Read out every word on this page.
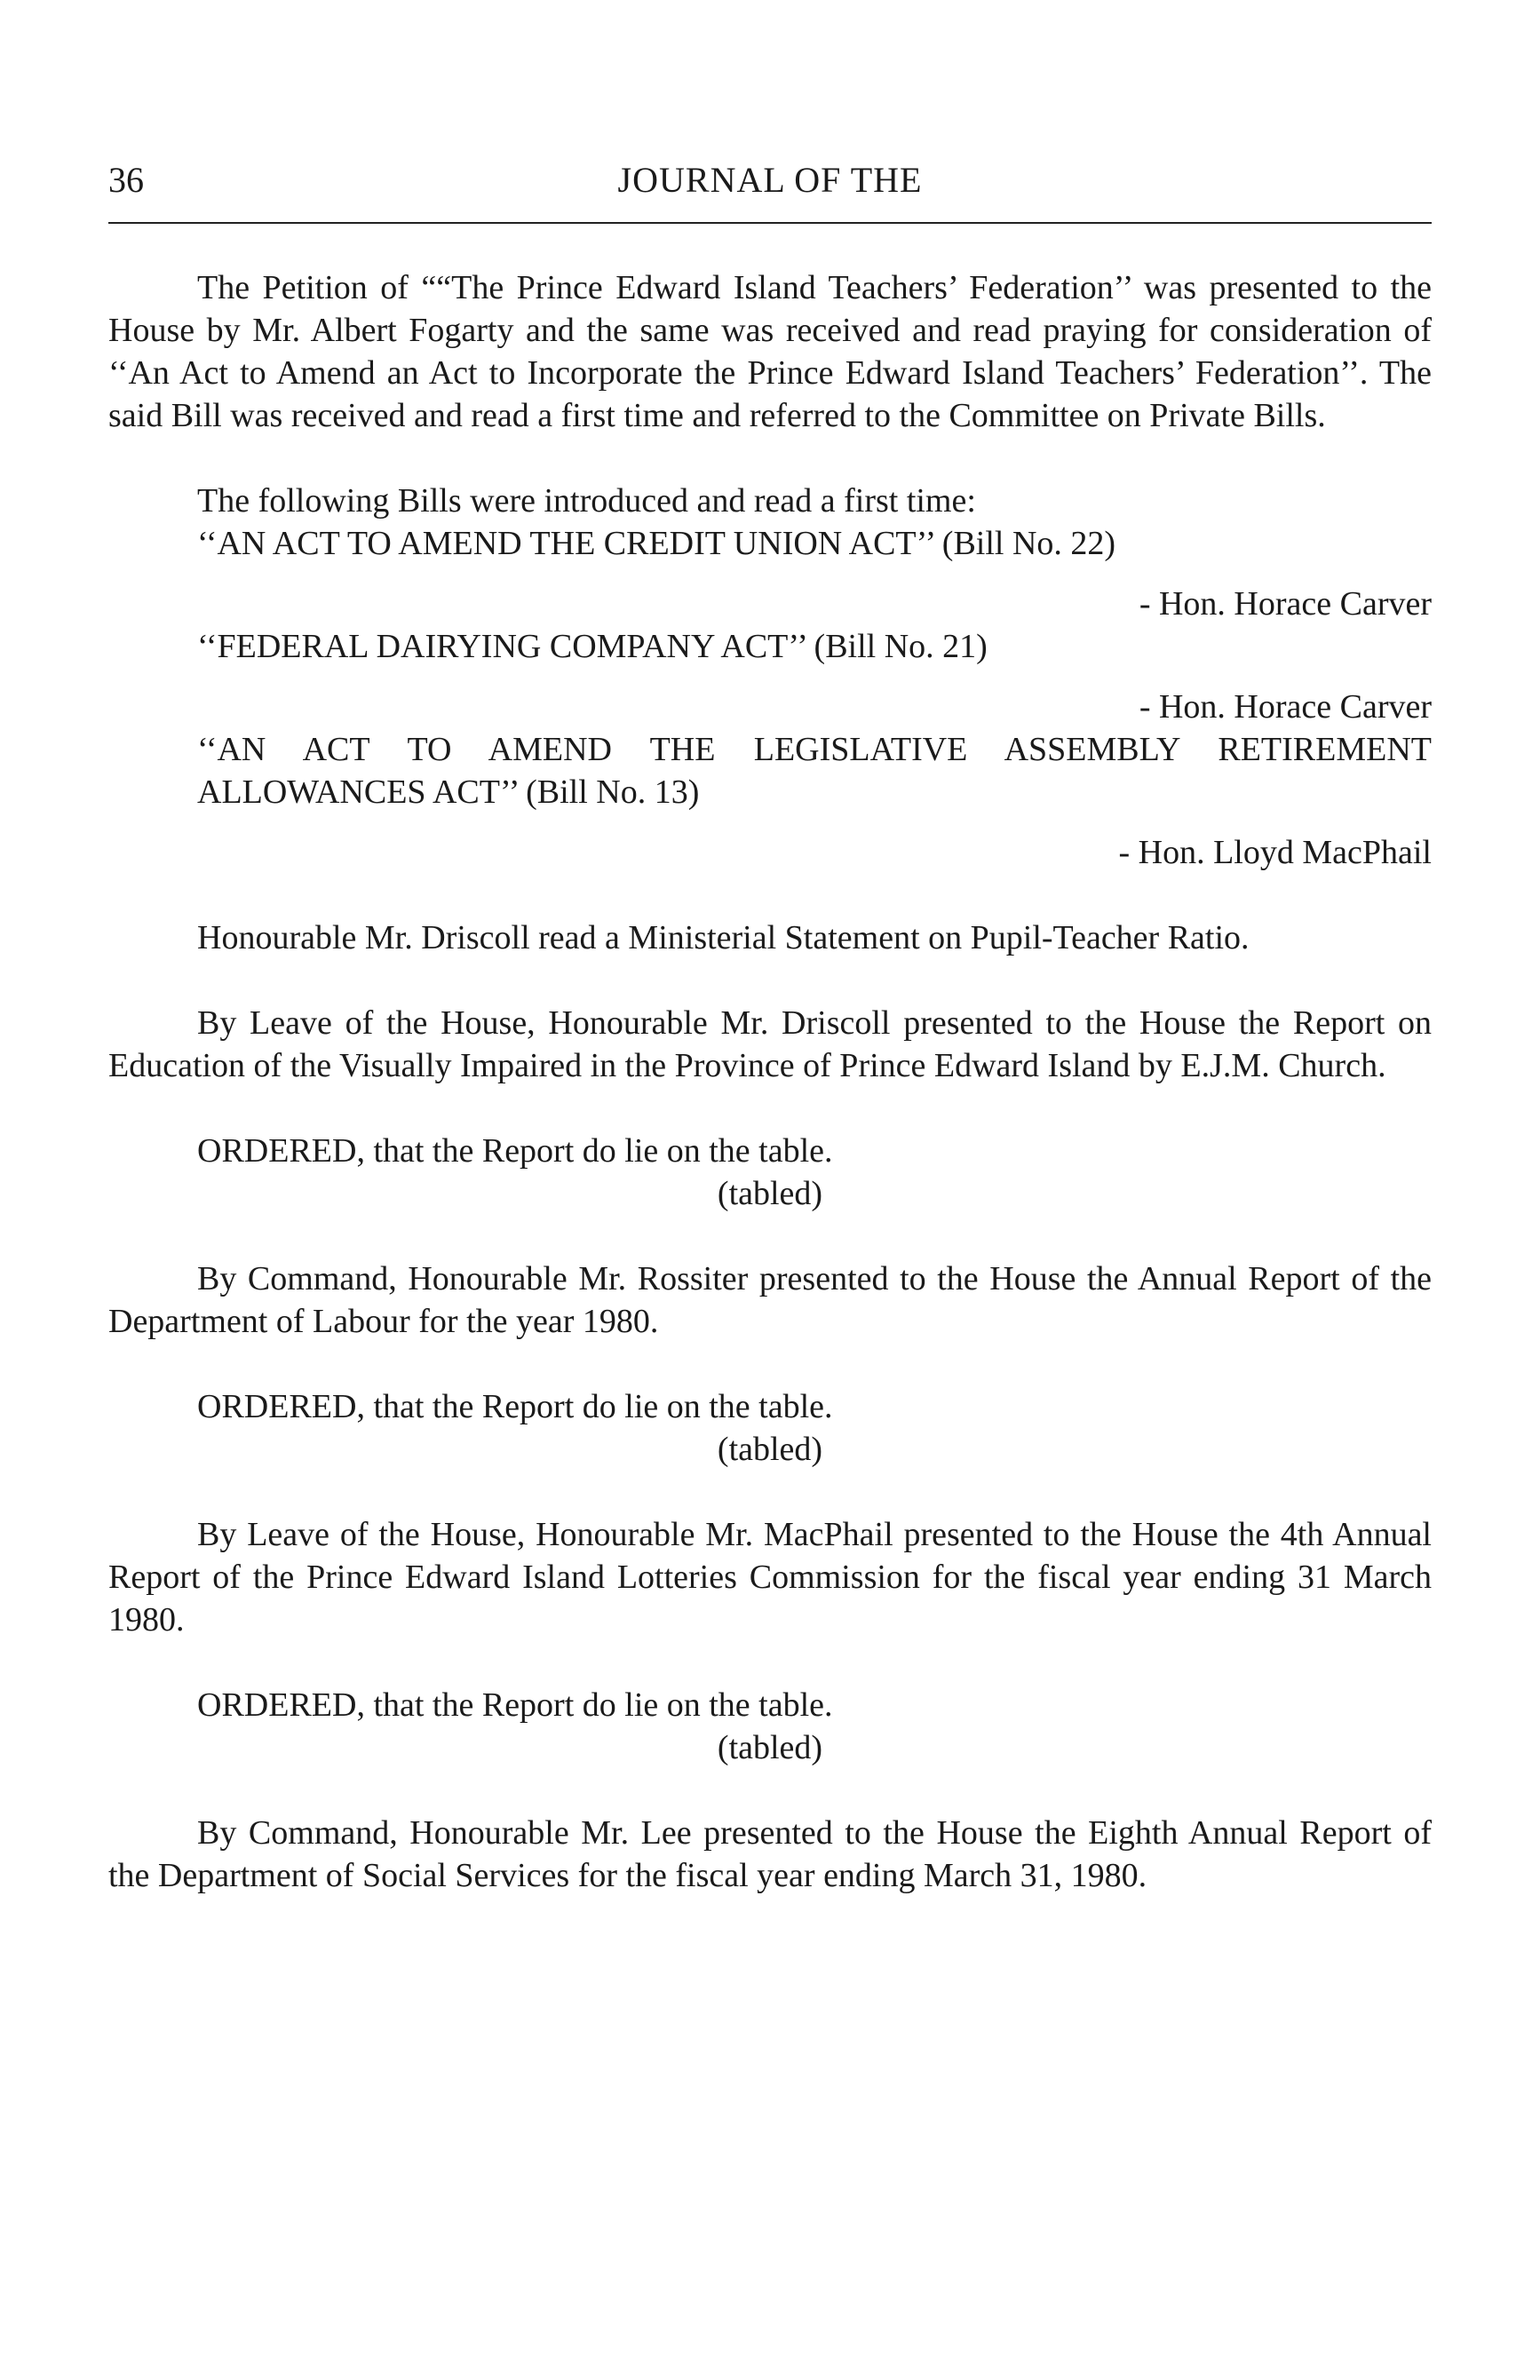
36	JOURNAL OF THE

The Petition of ““The Prince Edward Island Teachers’ Federation’’ was presented to the House by Mr. Albert Fogarty and the same was received and read praying for consideration of ‘‘An Act to Amend an Act to Incorporate the Prince Edward Island Teachers’ Federation’’. The said Bill was received and read a first time and referred to the Committee on Private Bills.

The following Bills were introduced and read a first time:

‘‘AN ACT TO AMEND THE CREDIT UNION ACT’’ (Bill No. 22)

- Hon. Horace Carver

‘‘FEDERAL DAIRYING COMPANY ACT’’ (Bill No. 21)

- Hon. Horace Carver

‘‘AN ACT TO AMEND THE LEGISLATIVE ASSEMBLY RETIREMENT ALLOWANCES ACT’’ (Bill No. 13)

- Hon. Lloyd MacPhail

Honourable Mr. Driscoll read a Ministerial Statement on Pupil-Teacher Ratio.

By Leave of the House, Honourable Mr. Driscoll presented to the House the Report on Education of the Visually Impaired in the Province of Prince Edward Island by E.J.M. Church.

ORDERED, that the Report do lie on the table.

(tabled)

By Command, Honourable Mr. Rossiter presented to the House the Annual Report of the Department of Labour for the year 1980.

ORDERED, that the Report do lie on the table.

(tabled)

By Leave of the House, Honourable Mr. MacPhail presented to the House the 4th Annual Report of the Prince Edward Island Lotteries Commission for the fiscal year ending 31 March 1980.

ORDERED, that the Report do lie on the table.

(tabled)

By Command, Honourable Mr. Lee presented to the House the Eighth Annual Report of the Department of Social Services for the fiscal year ending March 31, 1980.
